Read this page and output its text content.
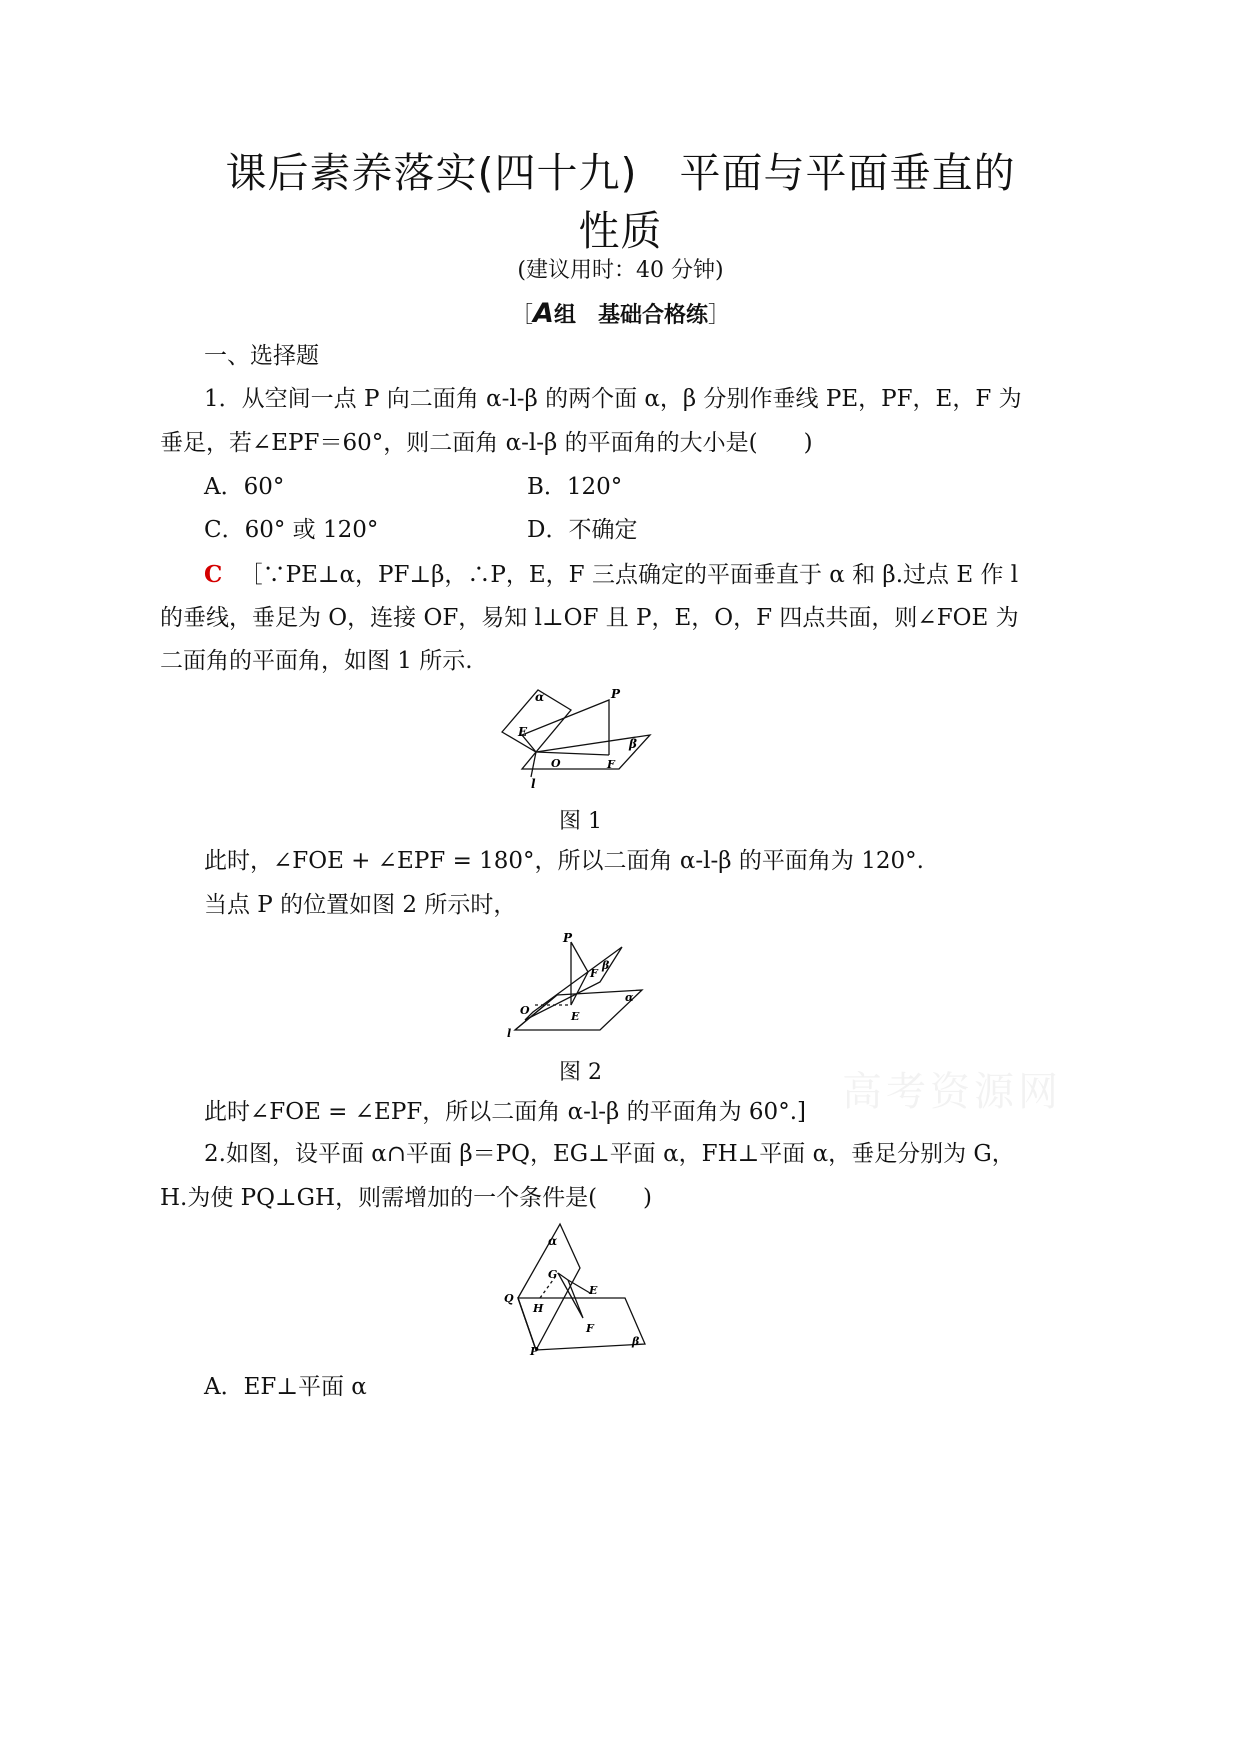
课后素养落实(四十九)　平面与平面垂直的
性质
(建议用时：40 分钟)
［A组　基础合格练］
一、选择题
1．从空间一点 P 向二面角 α-l-β 的两个面 α，β 分别作垂线 PE，PF，E，F 为
垂足，若∠EPF＝60°，则二面角 α-l-β 的平面角的大小是(　　)
A．60°	B．120°
C．60° 或 120°	D．不确定
C ［∵PE⊥α，PF⊥β，∴P，E，F 三点确定的平面垂直于 α 和 β.过点 E 作 l
的垂线，垂足为 O，连接 OF，易知 l⊥OF 且 P，E，O，F 四点共面，则∠FOE 为
二面角的平面角，如图 1 所示.
α	P
E
β
O	F
l
图 1
此时，∠FOE + ∠EPF = 180°，所以二面角 α-l-β 的平面角为 120°.
当点 P 的位置如图 2 所示时，
P
F
β
O
α
E
l
图 2
此时∠FOE = ∠EPF，所以二面角 α-l-β 的平面角为 60°.]
2.如图，设平面 α∩平面 β＝PQ，EG⊥平面 α，FH⊥平面 α，垂足分别为 G，
H.为使 PQ⊥GH，则需增加的一个条件是(　　)
α
G
E
Q
H
F
P
β
A．EF⊥平面 α
高考资源网
